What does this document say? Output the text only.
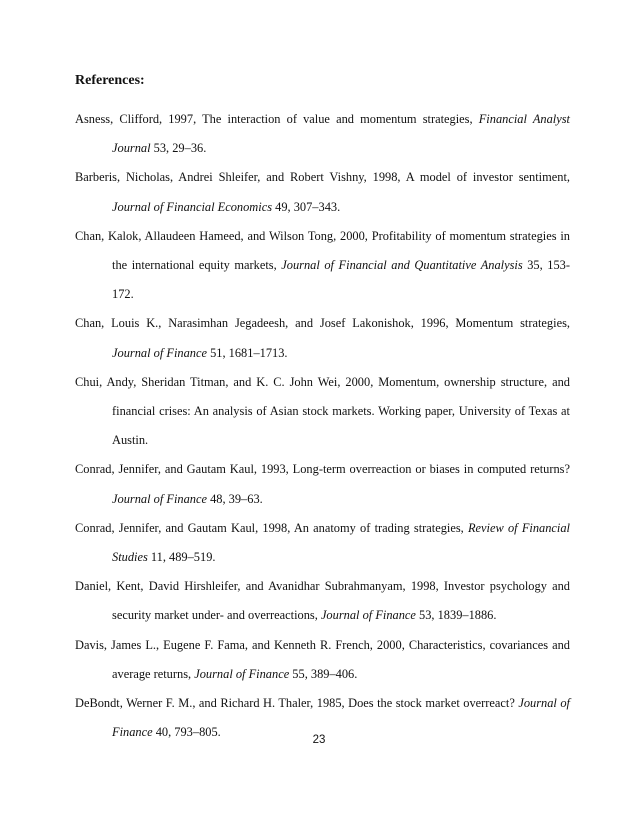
References:

Asness, Clifford, 1997, The interaction of value and momentum strategies, Financial Analyst Journal 53, 29–36.

Barberis, Nicholas, Andrei Shleifer, and Robert Vishny, 1998, A model of investor sentiment, Journal of Financial Economics 49, 307–343.

Chan, Kalok, Allaudeen Hameed, and Wilson Tong, 2000, Profitability of momentum strategies in the international equity markets, Journal of Financial and Quantitative Analysis 35, 153-172.

Chan, Louis K., Narasimhan Jegadeesh, and Josef Lakonishok, 1996, Momentum strategies, Journal of Finance 51, 1681–1713.

Chui, Andy, Sheridan Titman, and K. C. John Wei, 2000, Momentum, ownership structure, and financial crises: An analysis of Asian stock markets. Working paper, University of Texas at Austin.

Conrad, Jennifer, and Gautam Kaul, 1993, Long-term overreaction or biases in computed returns? Journal of Finance 48, 39–63.

Conrad, Jennifer, and Gautam Kaul, 1998, An anatomy of trading strategies, Review of Financial Studies 11, 489–519.

Daniel, Kent, David Hirshleifer, and Avanidhar Subrahmanyam, 1998, Investor psychology and security market under- and overreactions, Journal of Finance 53, 1839–1886.

Davis, James L., Eugene F. Fama, and Kenneth R. French, 2000, Characteristics, covariances and average returns, Journal of Finance 55, 389–406.

DeBondt, Werner F. M., and Richard H. Thaler, 1985, Does the stock market overreact? Journal of Finance 40, 793–805.

23
